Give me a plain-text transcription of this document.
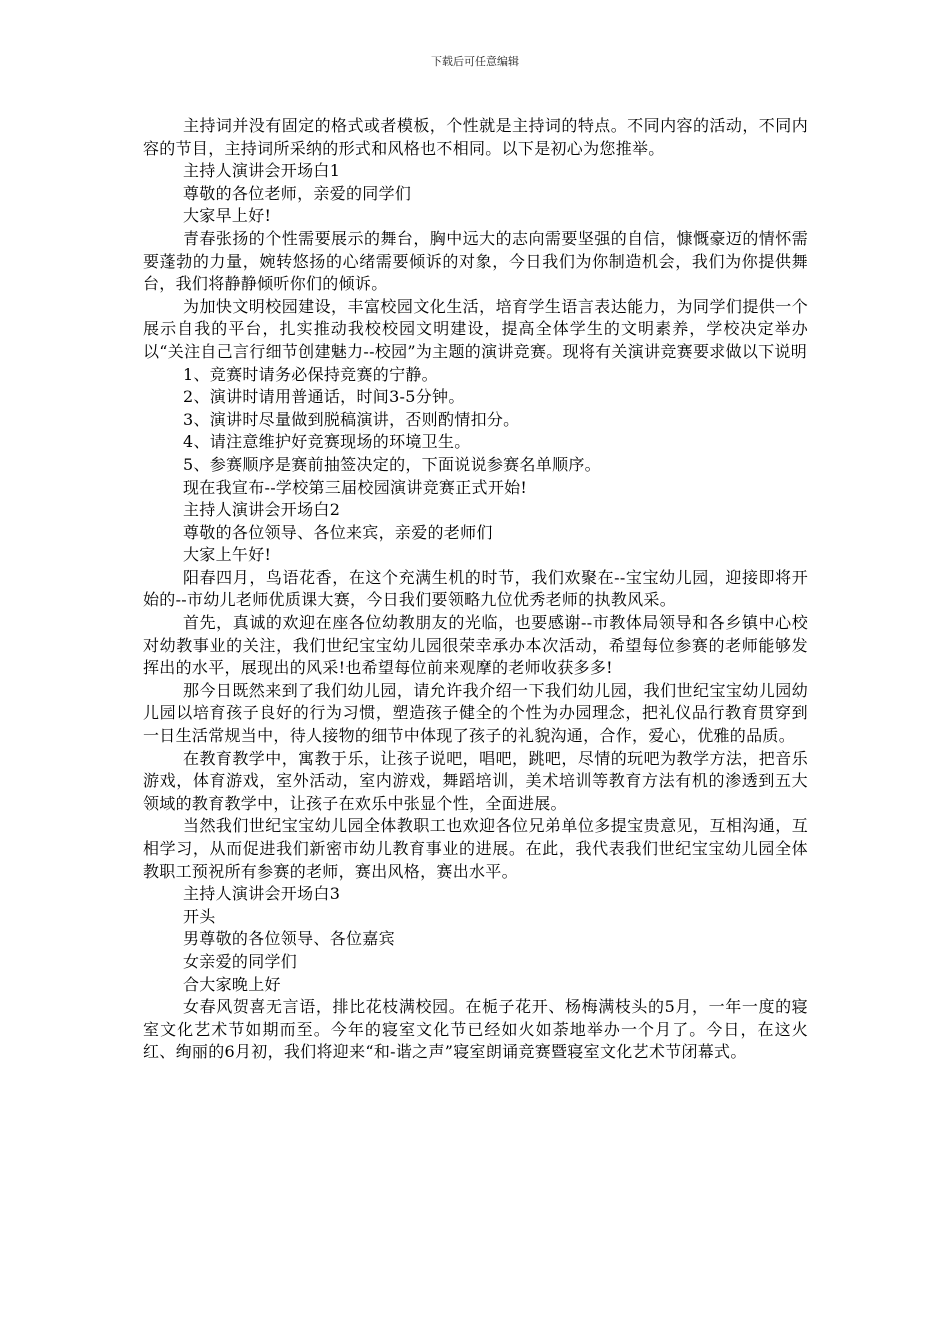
下载后可任意编辑

主持词并没有固定的格式或者模板，个性就是主持词的特点。不同内容的活动，不同内容的节目，主持词所采纳的形式和风格也不相同。以下是初心为您推举。

主持人演讲会开场白1

尊敬的各位老师，亲爱的同学们

大家早上好!

青春张扬的个性需要展示的舞台，胸中远大的志向需要坚强的自信，慷慨豪迈的情怀需要蓬勃的力量，婉转悠扬的心绪需要倾诉的对象，今日我们为你制造机会，我们为你提供舞台，我们将静静倾听你们的倾诉。

为加快文明校园建设，丰富校园文化生活，培育学生语言表达能力，为同学们提供一个展示自我的平台，扎实推动我校校园文明建设，提高全体学生的文明素养，学校决定举办以“关注自己言行细节创建魅力--校园”为主题的演讲竞赛。现将有关演讲竞赛要求做以下说明

1、竞赛时请务必保持竞赛的宁静。

2、演讲时请用普通话，时间3-5分钟。

3、演讲时尽量做到脱稿演讲，否则酌情扣分。

4、请注意维护好竞赛现场的环境卫生。

5、参赛顺序是赛前抽签决定的，下面说说参赛名单顺序。

现在我宣布--学校第三届校园演讲竞赛正式开始!

主持人演讲会开场白2

尊敬的各位领导、各位来宾，亲爱的老师们

大家上午好!

阳春四月，鸟语花香，在这个充满生机的时节，我们欢聚在--宝宝幼儿园，迎接即将开始的--市幼儿老师优质课大赛，今日我们要领略九位优秀老师的执教风采。

首先，真诚的欢迎在座各位幼教朋友的光临，也要感谢--市教体局领导和各乡镇中心校对幼教事业的关注，我们世纪宝宝幼儿园很荣幸承办本次活动，希望每位参赛的老师能够发挥出的水平，展现出的风采!也希望每位前来观摩的老师收获多多!

那今日既然来到了我们幼儿园，请允许我介绍一下我们幼儿园，我们世纪宝宝幼儿园幼儿园以培育孩子良好的行为习惯，塑造孩子健全的个性为办园理念，把礼仪品行教育贯穿到一日生活常规当中，待人接物的细节中体现了孩子的礼貌沟通，合作，爱心，优雅的品质。

在教育教学中，寓教于乐，让孩子说吧，唱吧，跳吧，尽情的玩吧为教学方法，把音乐游戏，体育游戏，室外活动，室内游戏，舞蹈培训，美术培训等教育方法有机的渗透到五大领域的教育教学中，让孩子在欢乐中张显个性，全面进展。

当然我们世纪宝宝幼儿园全体教职工也欢迎各位兄弟单位多提宝贵意见，互相沟通，互相学习，从而促进我们新密市幼儿教育事业的进展。在此，我代表我们世纪宝宝幼儿园全体教职工预祝所有参赛的老师，赛出风格，赛出水平。

主持人演讲会开场白3

开头

男尊敬的各位领导、各位嘉宾

女亲爱的同学们

合大家晚上好

女春风贺喜无言语，排比花枝满校园。在栀子花开、杨梅满枝头的5月，一年一度的寝室文化艺术节如期而至。今年的寝室文化节已经如火如荼地举办一个月了。今日，在这火红、绚丽的6月初，我们将迎来“和-谐之声”寝室朗诵竞赛暨寝室文化艺术节闭幕式。
